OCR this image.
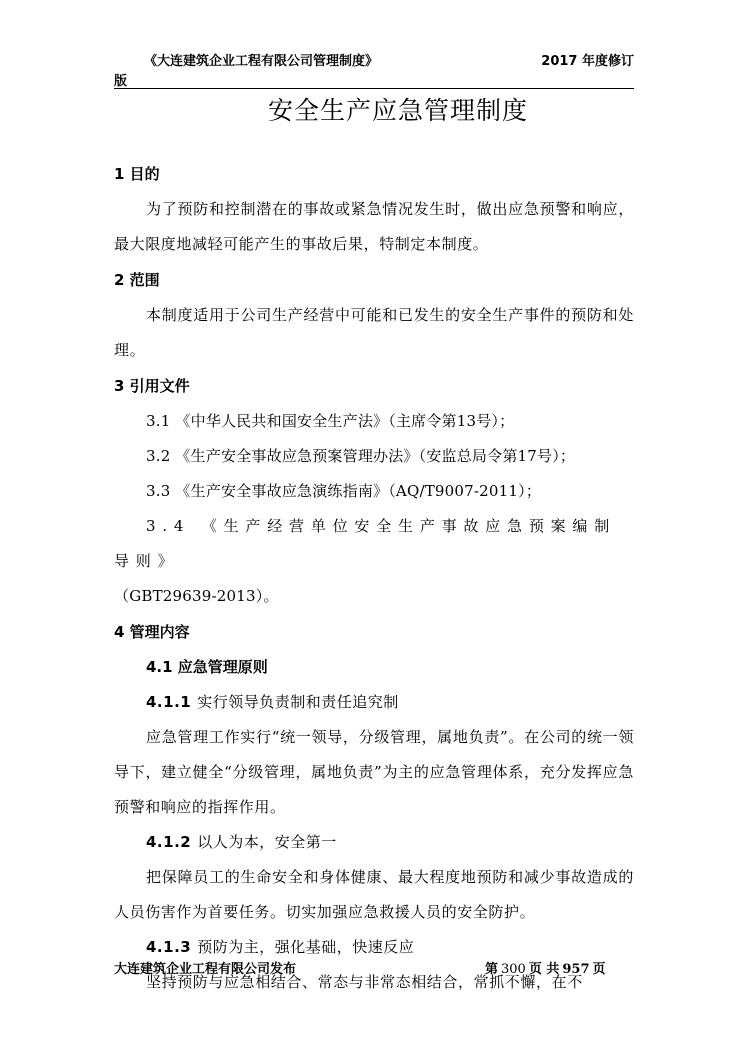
《大连建筑企业工程有限公司管理制度》	2017 年度修订
版
安全生产应急管理制度
1 目的
为了预防和控制潜在的事故或紧急情况发生时，做出应急预警和响应，最大限度地减轻可能产生的事故后果，特制定本制度。
2 范围
本制度适用于公司生产经营中可能和已发生的安全生产事件的预防和处理。
3 引用文件
3.1 《中华人民共和国安全生产法》（主席令第13号）；
3.2 《生产安全事故应急预案管理办法》（安监总局令第17号）；
3.3 《生产安全事故应急演练指南》（AQ/T9007-2011）；
3.4 《生产经营单位安全生产事故应急预案编制导则》
（GBT29639-2013）。
4 管理内容
4.1 应急管理原则
4.1.1 实行领导负责制和责任追究制
应急管理工作实行“统一领导，分级管理，属地负责”。在公司的统一领导下，建立健全“分级管理，属地负责”为主的应急管理体系，充分发挥应急预警和响应的指挥作用。
4.1.2 以人为本，安全第一
把保障员工的生命安全和身体健康、最大程度地预防和减少事故造成的人员伤害作为首要任务。切实加强应急救援人员的安全防护。
4.1.3 预防为主，强化基础，快速反应
坚持预防与应急相结合、常态与非常态相结合，常抓不懈，在不
大连建筑企业工程有限公司发布	第 300 页 共 957 页
